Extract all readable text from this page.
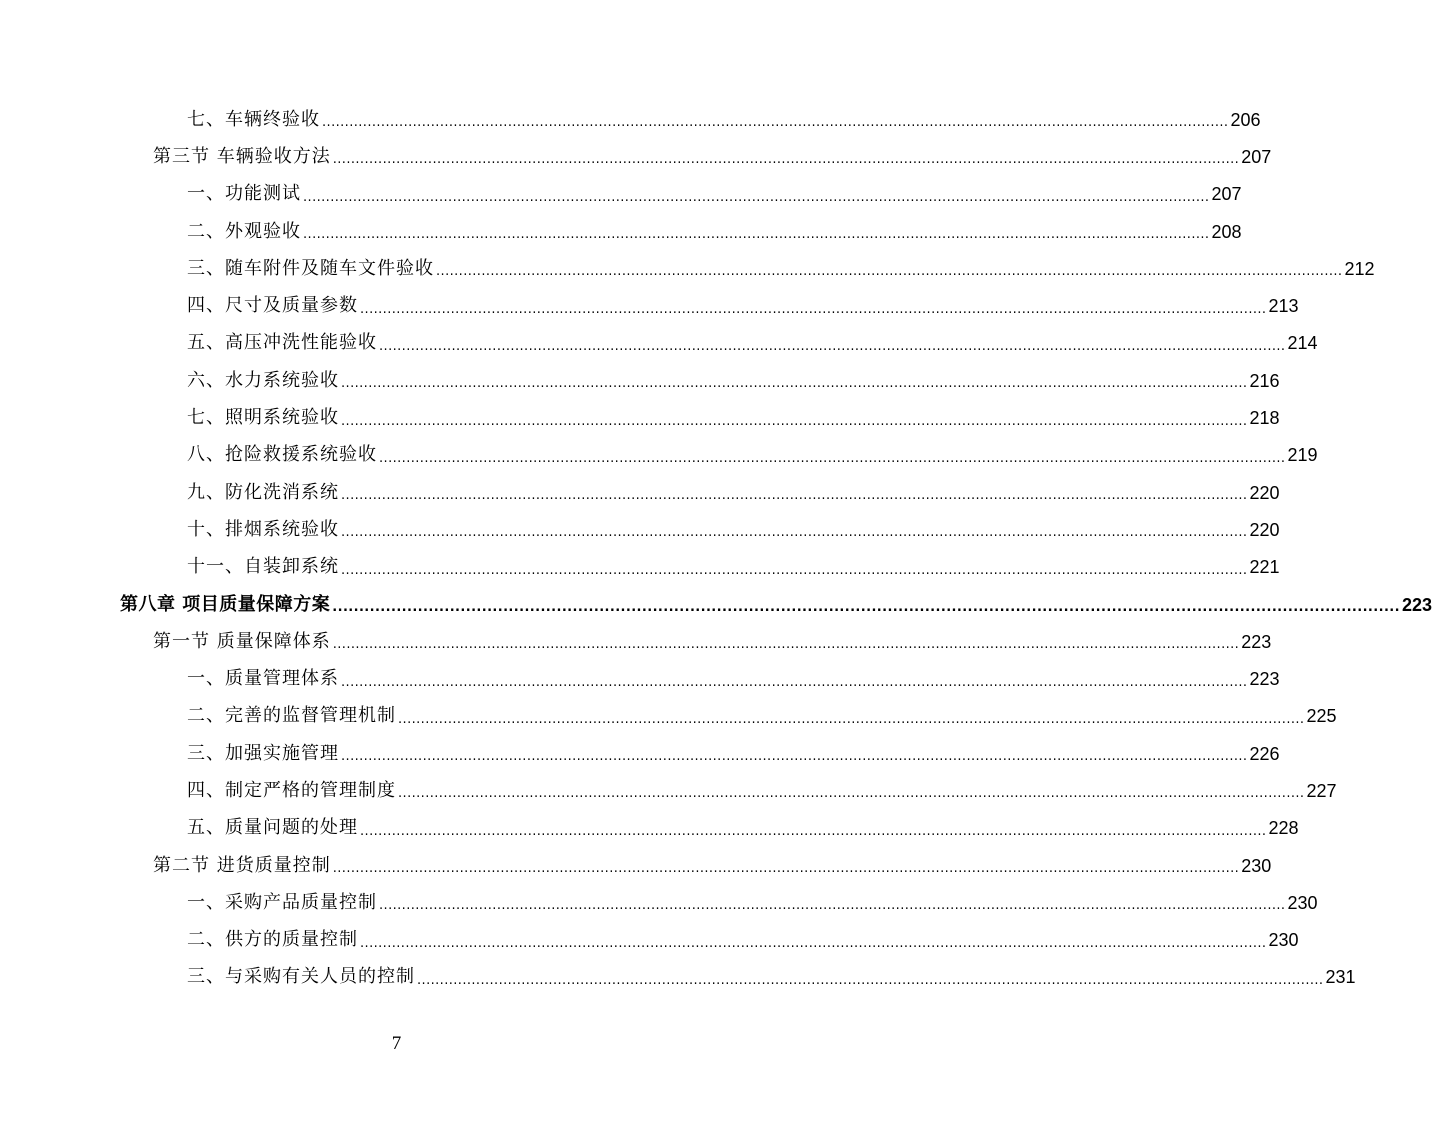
七、车辆终验收 ........................................................................................................................................................................................................ 206
第三节 车辆验收方法 ........................................................................................................................................................................................................ 207
一、功能测试 ........................................................................................................................................................................................................ 207
二、外观验收 ........................................................................................................................................................................................................ 208
三、随车附件及随车文件验收 ........................................................................................................................................................................................................ 212
四、尺寸及质量参数 ........................................................................................................................................................................................................ 213
五、高压冲洗性能验收 ........................................................................................................................................................................................................ 214
六、水力系统验收 ........................................................................................................................................................................................................ 216
七、照明系统验收 ........................................................................................................................................................................................................ 218
八、抢险救援系统验收 ........................................................................................................................................................................................................ 219
九、防化洗消系统 ........................................................................................................................................................................................................ 220
十、排烟系统验收 ........................................................................................................................................................................................................ 220
十一、自装卸系统 ........................................................................................................................................................................................................ 221
第八章 项目质量保障方案 ........................................................................................................................................................................................................ 223
第一节 质量保障体系 ........................................................................................................................................................................................................ 223
一、质量管理体系 ........................................................................................................................................................................................................ 223
二、完善的监督管理机制 ........................................................................................................................................................................................................ 225
三、加强实施管理 ........................................................................................................................................................................................................ 226
四、制定严格的管理制度 ........................................................................................................................................................................................................ 227
五、质量问题的处理 ........................................................................................................................................................................................................ 228
第二节 进货质量控制 ........................................................................................................................................................................................................ 230
一、采购产品质量控制 ........................................................................................................................................................................................................ 230
二、供方的质量控制 ........................................................................................................................................................................................................ 230
三、与采购有关人员的控制 ........................................................................................................................................................................................................ 231
7
